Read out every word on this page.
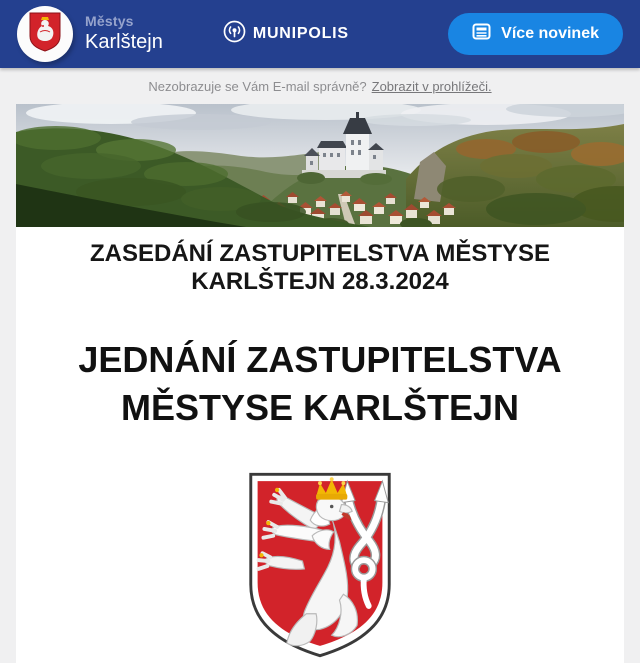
Městys
Karlštejn	MUNIPOLIS	Více novinek
Nezobrazuje se Vám E-mail správně? Zobrazit v prohlížeči.
ZASEDÁNÍ ZASTUPITELSTVA MĚSTYSE KARLŠTEJN 28.3.2024
JEDNÁNÍ ZASTUPITELSTVA MĚSTYSE KARLŠTEJN
